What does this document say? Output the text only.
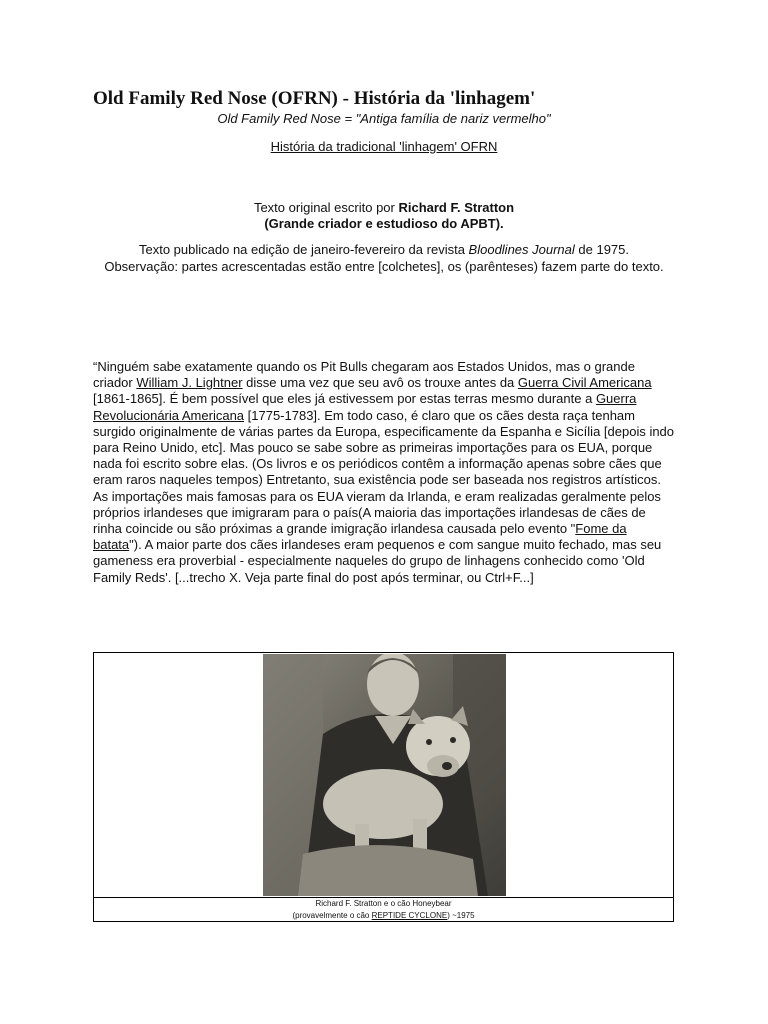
Old Family Red Nose (OFRN) - História da 'linhagem'
Old Family Red Nose = "Antiga família de nariz vermelho"
História da tradicional 'linhagem' OFRN
Texto original escrito por Richard F. Stratton
(Grande criador e estudioso do APBT).
Texto publicado na edição de janeiro-fevereiro da revista Bloodlines Journal de 1975.
Observação: partes acrescentadas estão entre [colchetes], os (parênteses) fazem parte do texto.
“Ninguém sabe exatamente quando os Pit Bulls chegaram aos Estados Unidos, mas o grande criador William J. Lightner disse uma vez que seu avô os trouxe antes da Guerra Civil Americana [1861-1865]. É bem possível que eles já estivessem por estas terras mesmo durante a Guerra Revolucionária Americana [1775-1783]. Em todo caso, é claro que os cães desta raça tenham surgido originalmente de várias partes da Europa, especificamente da Espanha e Sicília [depois indo para Reino Unido, etc]. Mas pouco se sabe sobre as primeiras importações para os EUA, porque nada foi escrito sobre elas. (Os livros e os periódicos contêm a informação apenas sobre cães que eram raros naqueles tempos) Entretanto, sua existência pode ser baseada nos registros artísticos. As importações mais famosas para os EUA vieram da Irlanda, e eram realizadas geralmente pelos próprios irlandeses que imigraram para o país(A maioria das importações irlandesas de cães de rinha coincide ou são próximas a grande imigração irlandesa causada pelo evento "Fome da batata"). A maior parte dos cães irlandeses eram pequenos e com sangue muito fechado, mas seu gameness era proverbial - especialmente naqueles do grupo de linhagens conhecido como 'Old Family Reds'. [...trecho X. Veja parte final do post após terminar, ou Ctrl+F...]
Richard F. Stratton e o cão Honeybear
(provavelmente o cão REPTIDE CYCLONE) ~1975
